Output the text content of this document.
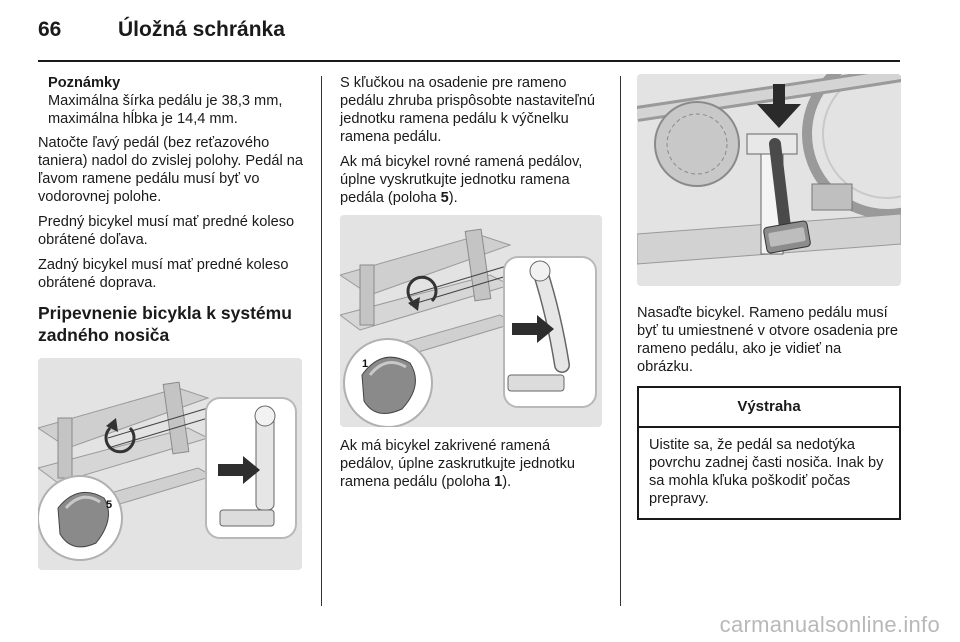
66	Úložná schránka
Poznámky
Maximálna šírka pedálu je 38,3 mm, maximálna hĺbka je 14,4 mm.

Natočte ľavý pedál (bez reťazového taniera) nadol do zvislej polohy. Pedál na ľavom ramene pedálu musí byť vo vodorovnej polohe.

Predný bicykel musí mať predné koleso obrátené doľava.

Zadný bicykel musí mať predné koleso obrátené doprava.

Pripevnenie bicykla k systému zadného nosiča
5

S kľučkou na osadenie pre rameno pedálu zhruba prispôsobte nastaviteľnú jednotku ramena pedálu k výčnelku ramena pedálu.

Ak má bicykel rovné ramená pedálov, úplne vyskrutkujte jednotku ramena pedála (poloha 5).

1

Ak má bicykel zakrivené ramená pedálov, úplne zaskrutkujte jednotku ramena pedálu (poloha 1).

Nasaďte bicykel. Rameno pedálu musí byť tu umiestnené v otvore osadenia pre rameno pedálu, ako je vidieť na obrázku.

Výstraha
Uistite sa, že pedál sa nedotýka povrchu zadnej časti nosiča. Inak by sa mohla kľuka poškodiť počas prepravy.
carmanualsonline.info
